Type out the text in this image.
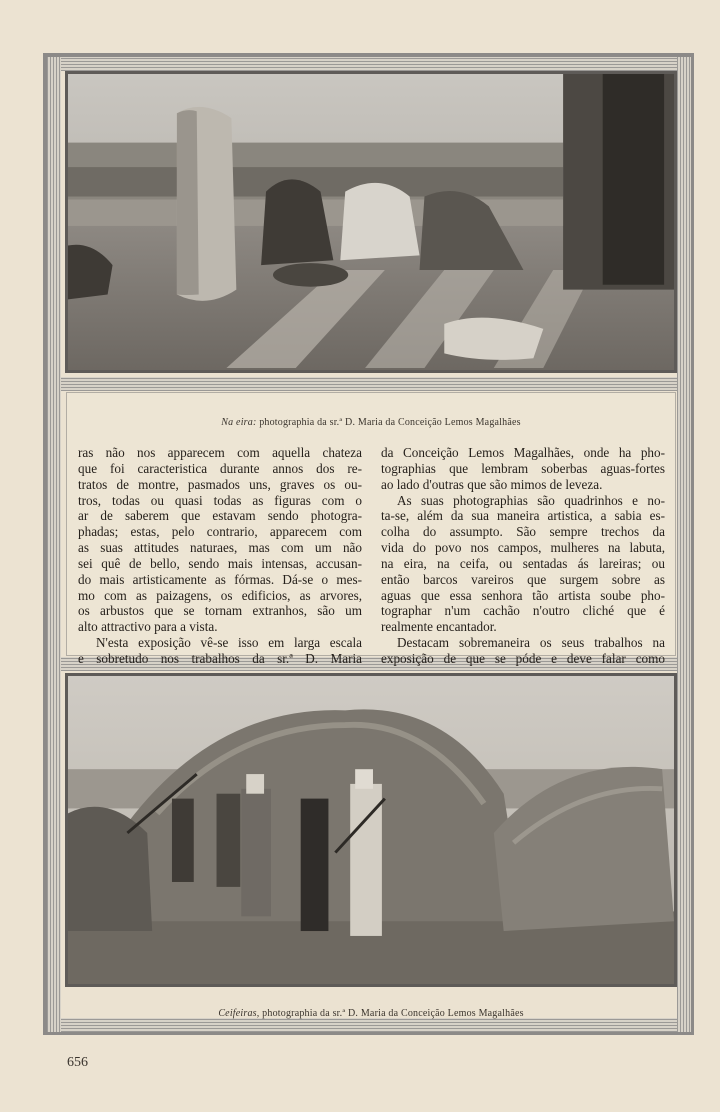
Na eira: photographia da sr.ª D. Maria da Conceição Lemos Magalhães
ras não nos apparecem com aquella chateza
que foi caracteristica durante annos dos re-
tratos de montre, pasmados uns, graves os ou-
tros, todas ou quasi todas as figuras com o
ar de saberem que estavam sendo photogra-
phadas; estas, pelo contrario, apparecem com
as suas attitudes naturaes, mas com um não
sei quê de bello, sendo mais intensas, accusan-
do mais artisticamente as fórmas. Dá-se o mes-
mo com as paizagens, os edificios, as arvores,
os arbustos que se tornam extranhos, são um
alto attractivo para a vista.
N'esta exposição vê-se isso em larga escala
e sobretudo nos trabalhos da sr.ª D. Maria
da Conceição Lemos Magalhães, onde ha pho-
tographias que lembram soberbas aguas-fortes
ao lado d'outras que são mimos de leveza.
As suas photographias são quadrinhos e no-
ta-se, além da sua maneira artistica, a sabia es-
colha do assumpto. São sempre trechos da
vida do povo nos campos, mulheres na labuta,
na eira, na ceifa, ou sentadas ás lareiras; ou
então barcos vareiros que surgem sobre as
aguas que essa senhora tão artista soube pho-
tographar n'um cachão n'outro cliché que é
realmente encantador.
Destacam sobremaneira os seus trabalhos na
exposição de que se póde e deve falar como
Ceifeiras, photographia da sr.ª D. Maria da Conceição Lemos Magalhães
656
